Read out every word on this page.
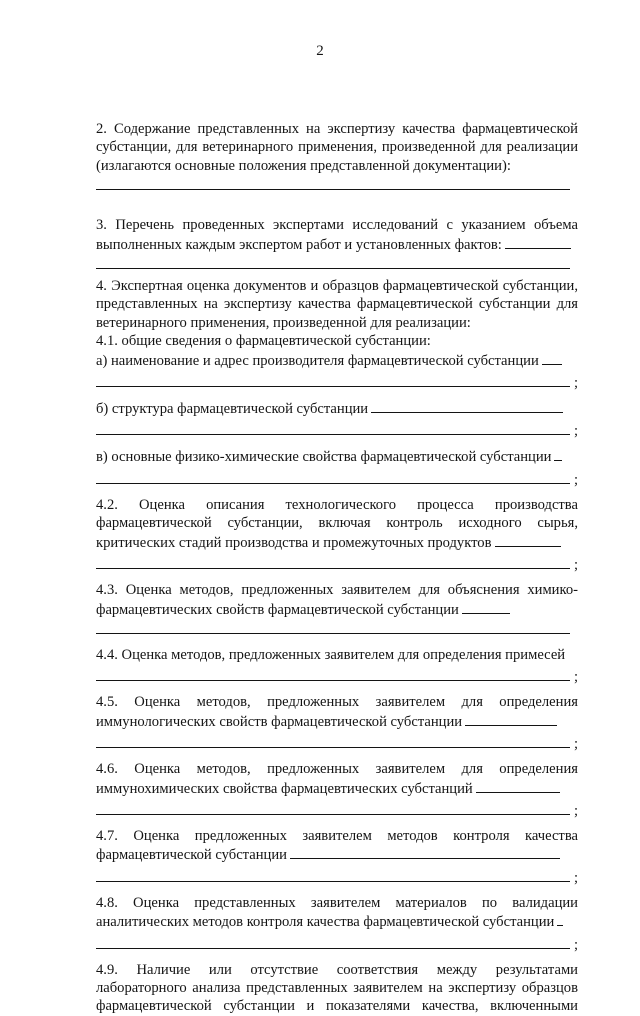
2
2. Содержание представленных на экспертизу качества фармацевтической субстанции, для ветеринарного применения, произведенной для реализации (излагаются основные положения представленной документации):
3. Перечень проведенных экспертами исследований с указанием объема выполненных каждым экспертом работ и установленных фактов:
4. Экспертная оценка документов и образцов фармацевтической субстанции, представленных на экспертизу качества фармацевтической субстанции для ветеринарного применения, произведенной для реализации:
4.1. общие сведения о фармацевтической субстанции:
а) наименование и адрес производителя фармацевтической субстанции
;
б) структура фармацевтической субстанции
;
в) основные физико-химические свойства фармацевтической субстанции
;
4.2. Оценка описания технологического процесса производства фармацевтической субстанции, включая контроль исходного сырья, критических стадий производства и промежуточных продуктов
;
4.3. Оценка методов, предложенных заявителем для объяснения химико-фармацевтических свойств фармацевтической субстанции
4.4. Оценка методов, предложенных заявителем для определения примесей
;
4.5. Оценка методов, предложенных заявителем для определения иммунологических свойств фармацевтической субстанции
;
4.6. Оценка методов, предложенных заявителем для определения иммунохимических свойства фармацевтических субстанций
;
4.7. Оценка предложенных заявителем методов контроля качества фармацевтической субстанции
;
4.8. Оценка представленных заявителем материалов по валидации аналитических методов контроля качества фармацевтической субстанции
;
4.9. Наличие или отсутствие соответствия между результатами лабораторного анализа представленных заявителем на экспертизу образцов фармацевтической субстанции и показателями качества, включенными
